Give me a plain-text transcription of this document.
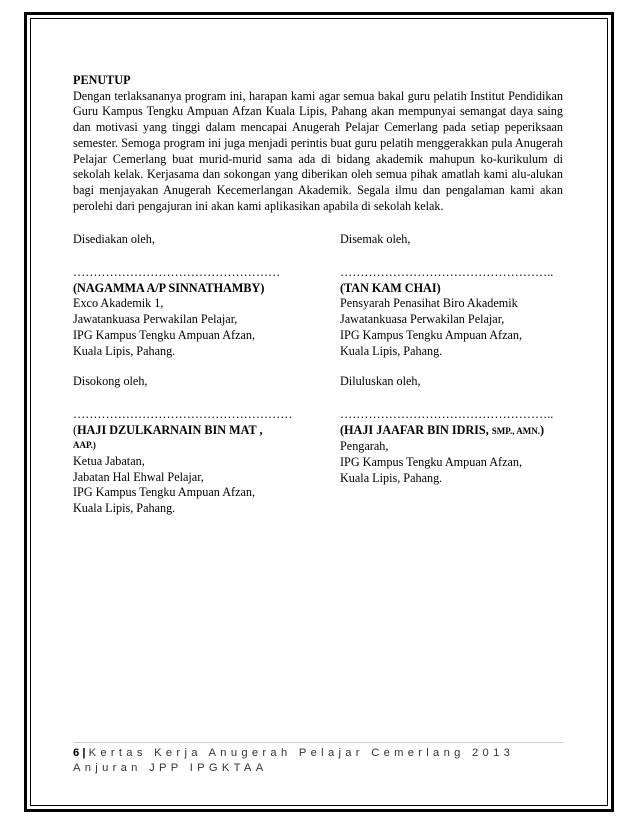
PENUTUP

Dengan terlaksananya program ini, harapan kami agar semua bakal guru pelatih Institut Pendidikan Guru Kampus Tengku Ampuan Afzan Kuala Lipis, Pahang akan mempunyai semangat daya saing dan motivasi yang tinggi dalam mencapai Anugerah Pelajar Cemerlang pada setiap peperiksaan semester. Semoga program ini juga menjadi perintis buat guru pelatih menggerakkan pula Anugerah Pelajar Cemerlang buat murid-murid sama ada di bidang akademik mahupun ko-kurikulum di sekolah kelak. Kerjasama dan sokongan yang diberikan oleh semua pihak amatlah kami alu-alukan bagi menjayakan Anugerah Kecemerlangan Akademik. Segala ilmu dan pengalaman kami akan perolehi dari pengajuran ini akan kami aplikasikan apabila di sekolah kelak.

Disediakan oleh,
……………………………………………
(NAGAMMA A/P SINNATHAMBY)
Exco Akademik 1,
Jawatankuasa Perwakilan Pelajar,
IPG Kampus Tengku Ampuan Afzan,
Kuala Lipis, Pahang.
Disemak oleh,
……………………………………………..
(TAN KAM CHAI)
Pensyarah Penasihat Biro Akademik
Jawatankuasa Perwakilan Pelajar,
IPG Kampus Tengku Ampuan Afzan,
Kuala Lipis, Pahang.
Disokong oleh,
………………………………………………
(HAJI DZULKARNAIN BIN MAT ,
AAP.)
Ketua Jabatan,
Jabatan Hal Ehwal Pelajar,
IPG Kampus Tengku Ampuan Afzan,
Kuala Lipis, Pahang.
Diluluskan oleh,
……………………………………………..
(HAJI JAAFAR BIN IDRIS, SMP., AMN.)
Pengarah,
IPG Kampus Tengku Ampuan Afzan,
Kuala Lipis, Pahang.
6 | Kertas Kerja Anugerah Pelajar Cemerlang 2013
Anjuran JPP IPGKTAA
